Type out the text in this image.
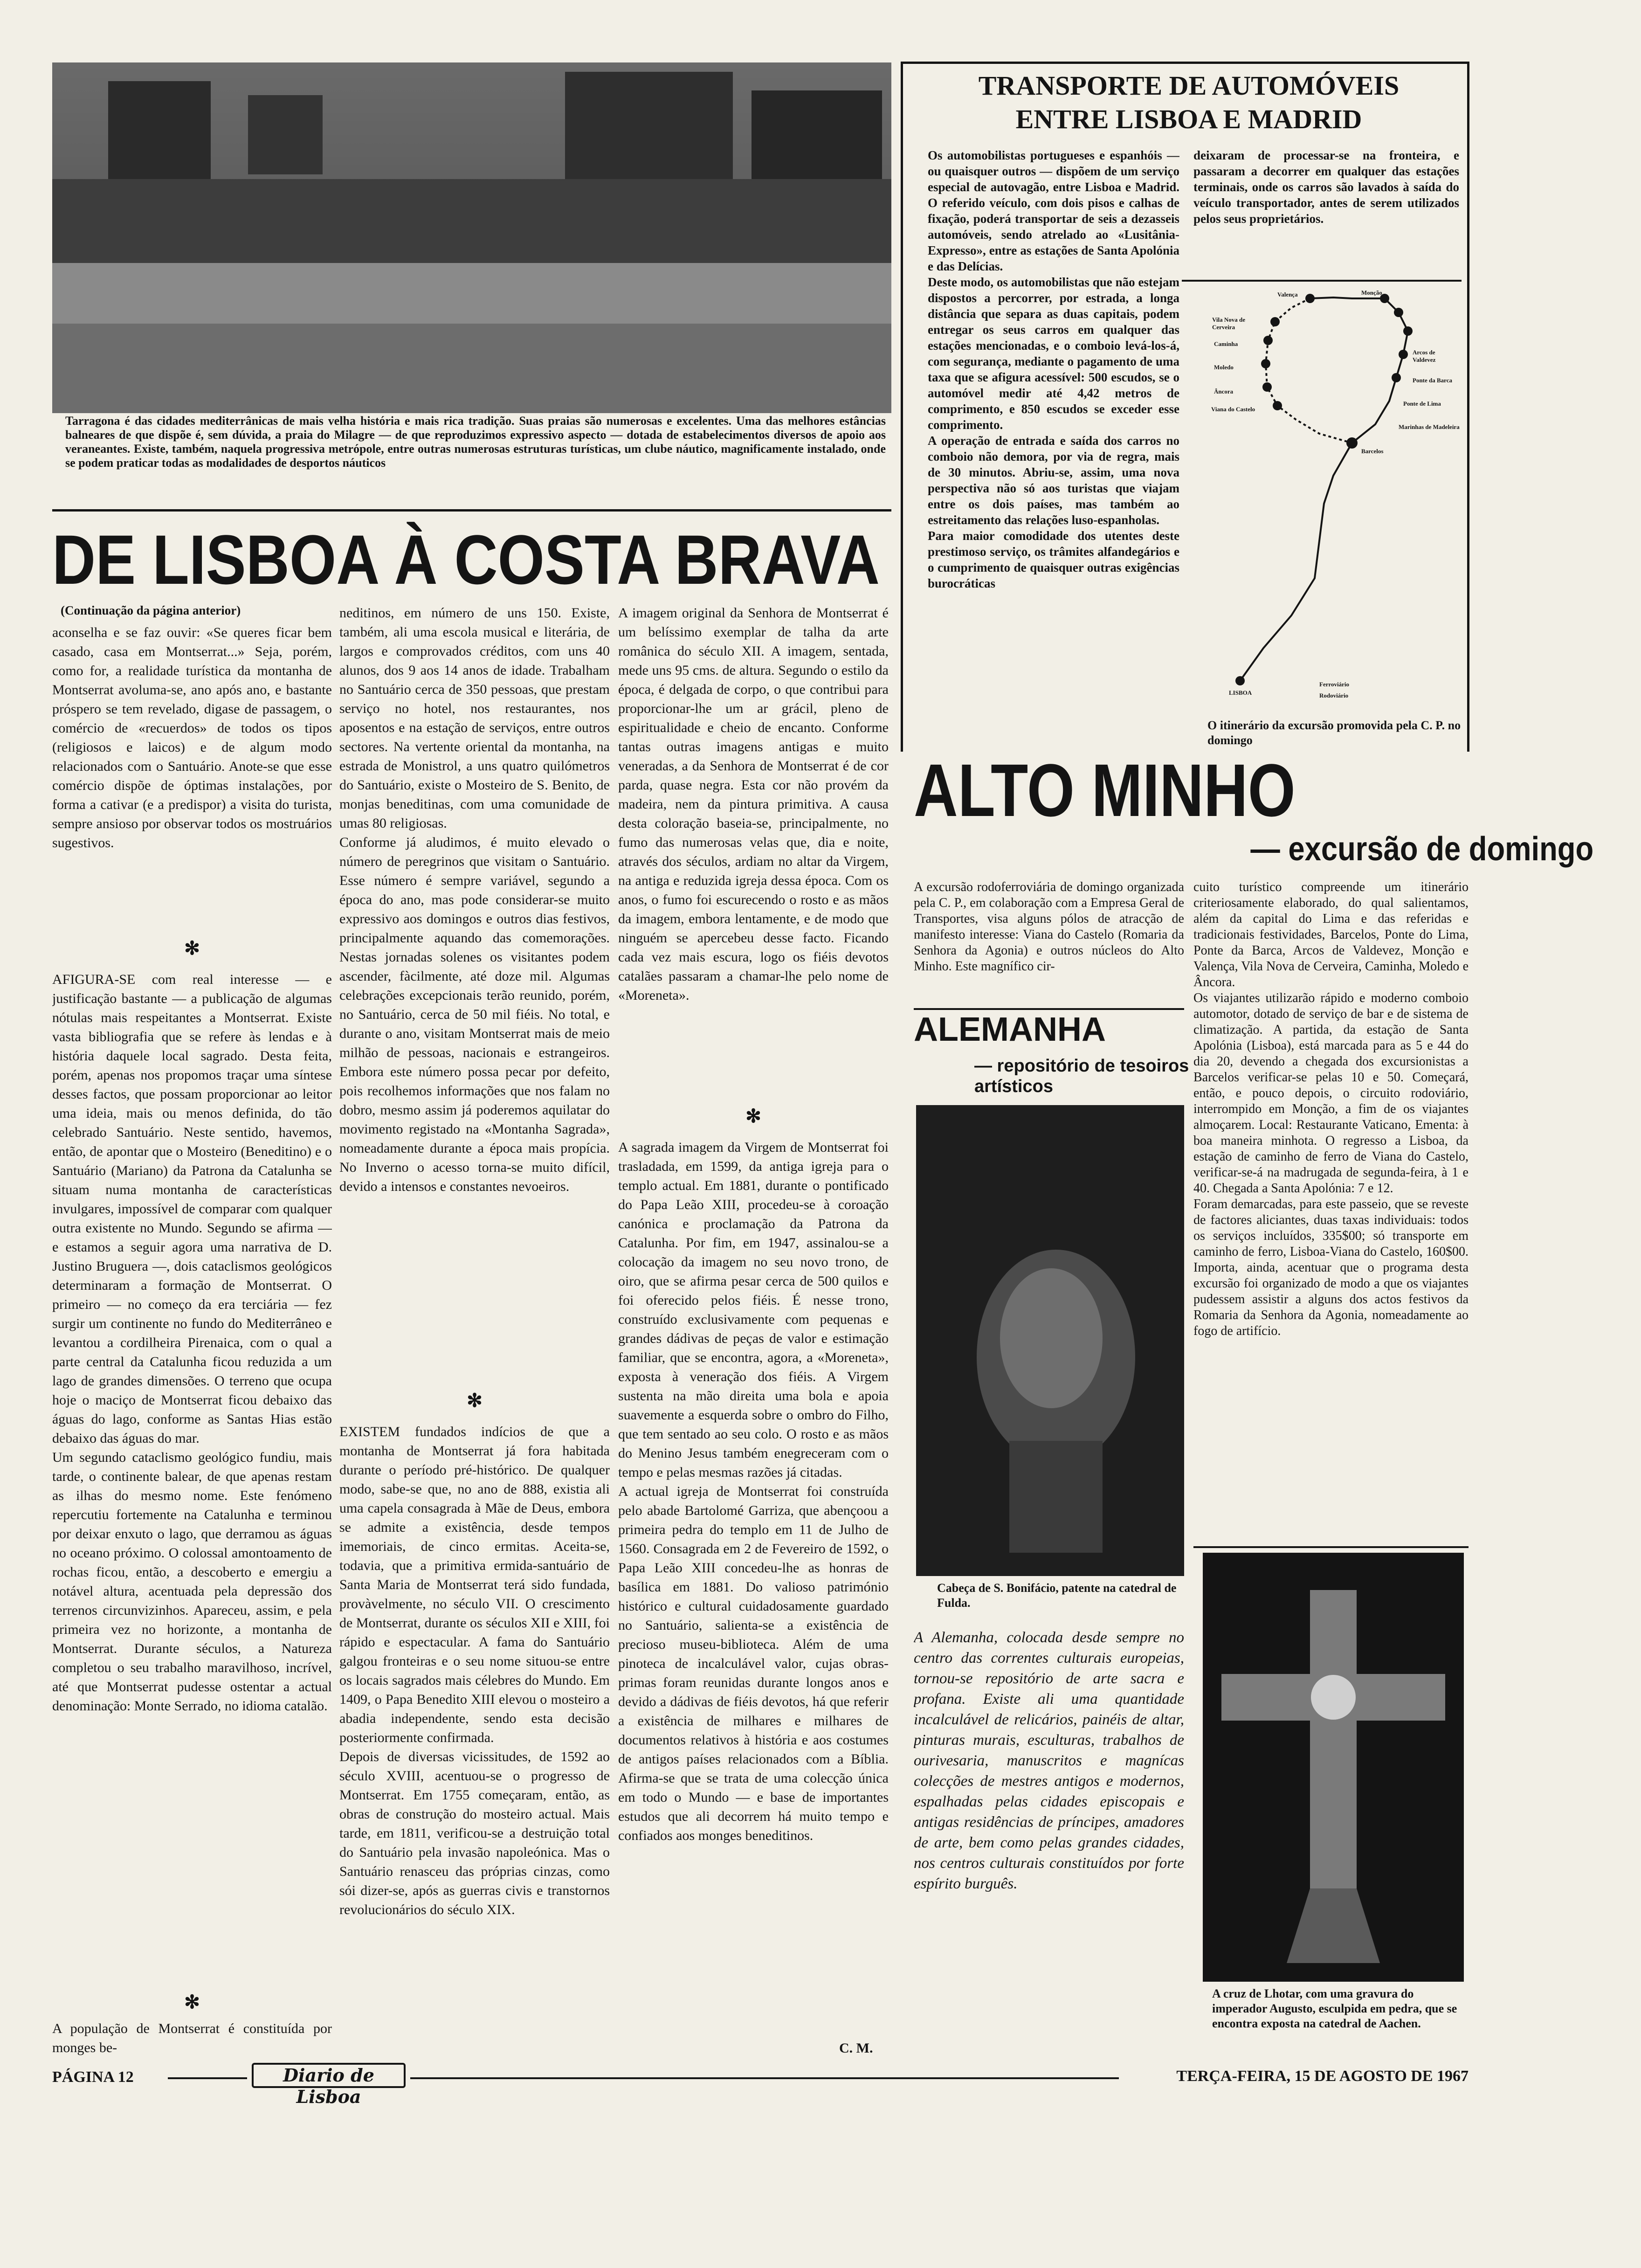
Tarragona é das cidades mediterrânicas de mais velha história e mais rica tradição. Suas praias são numerosas e excelentes. Uma das melhores estâncias balneares de que dispõe é, sem dúvida, a praia do Milagre — de que reproduzimos expressivo aspecto — dotada de estabelecimentos diversos de apoio aos veraneantes. Existe, também, naquela progressiva metrópole, entre outras numerosas estruturas turísticas, um clube náutico, magnificamente instalado, onde se podem praticar todas as modalidades de desportos náuticos
TRANSPORTE DE AUTOMÓVEIS
ENTRE LISBOA E MADRID
Os automobilistas portugueses e espanhóis — ou quaisquer outros — dispõem de um serviço especial de autovagão, entre Lisboa e Madrid. O referido veículo, com dois pisos e calhas de fixação, poderá transportar de seis a dezasseis automóveis, sendo atrelado ao «Lusitânia-Expresso», entre as estações de Santa Apolónia e das Delícias.
Deste modo, os automobilistas que não estejam dispostos a percorrer, por estrada, a longa distância que separa as duas capitais, podem entregar os seus carros em qualquer das estações mencionadas, e o comboio levá-los-á, com segurança, mediante o pagamento de uma taxa que se afigura acessível: 500 escudos, se o automóvel medir até 4,42 metros de comprimento, e 850 escudos se exceder esse comprimento.
A operação de entrada e saída dos carros no comboio não demora, por via de regra, mais de 30 minutos. Abriu-se, assim, uma nova perspectiva não só aos turistas que viajam entre os dois países, mas também ao estreitamento das relações luso-espanholas.
Para maior comodidade dos utentes deste prestimoso serviço, os trâmites alfandegários e o cumprimento de quaisquer outras exigências burocráticas
deixaram de processar-se na fronteira, e passaram a decorrer em qualquer das estações terminais, onde os carros são lavados à saída do veículo transportador, antes de serem utilizados pelos seus proprietários.
Valença	Monção
Vila Nova de Cerveira
Caminha
Arcos de Valdevez
Moledo
Ponte da Barca
Âncora
Ponte de Lima
Viana do Castelo
Marinhas de Madeleira
Barcelos
LISBOA
Ferroviário
Rodoviário
O itinerário da excursão promovida pela C. P. no domingo
DE LISBOA À COSTA BRAVA
(Continuação da página anterior)
aconselha e se faz ouvir: «Se queres ficar bem casado, casa em Montserrat...» Seja, porém, como for, a realidade turística da montanha de Montserrat avoluma-se, ano após ano, e bastante próspero se tem revelado, digase de passagem, o comércio de «recuerdos» de todos os tipos (religiosos e laicos) e de algum modo relacionados com o Santuário. Anote-se que esse comércio dispõe de óptimas instalações, por forma a cativar (e a predispor) a visita do turista, sempre ansioso por observar todos os mostruários sugestivos.
✻
AFIGURA-SE com real interesse — e justificação bastante — a publicação de algumas nótulas mais respeitantes a Montserrat. Existe vasta bibliografia que se refere às lendas e à história daquele local sagrado. Desta feita, porém, apenas nos propomos traçar uma síntese desses factos, que possam proporcionar ao leitor uma ideia, mais ou menos definida, do tão celebrado Santuário. Neste sentido, havemos, então, de apontar que o Mosteiro (Beneditino) e o Santuário (Mariano) da Patrona da Catalunha se situam numa montanha de características invulgares, impossível de comparar com qualquer outra existente no Mundo. Segundo se afirma — e estamos a seguir agora uma narrativa de D. Justino Bruguera —, dois cataclismos geológicos determinaram a formação de Montserrat. O primeiro — no começo da era terciária — fez surgir um continente no fundo do Mediterrâneo e levantou a cordilheira Pirenaica, com o qual a parte central da Catalunha ficou reduzida a um lago de grandes dimensões. O terreno que ocupa hoje o maciço de Montserrat ficou debaixo das águas do lago, conforme as Santas Hias estão debaixo das águas do mar.
Um segundo cataclismo geológico fundiu, mais tarde, o continente balear, de que apenas restam as ilhas do mesmo nome. Este fenómeno repercutiu fortemente na Catalunha e terminou por deixar enxuto o lago, que derramou as águas no oceano próximo. O colossal amontoamento de rochas ficou, então, a descoberto e emergiu a notável altura, acentuada pela depressão dos terrenos circunvizinhos. Apareceu, assim, e pela primeira vez no horizonte, a montanha de Montserrat. Durante séculos, a Natureza completou o seu trabalho maravilhoso, incrível, até que Montserrat pudesse ostentar a actual denominação: Monte Serrado, no idioma catalão.
✻
A população de Montserrat é constituída por monges be-
neditinos, em número de uns 150. Existe, também, ali uma escola musical e literária, de largos e comprovados créditos, com uns 40 alunos, dos 9 aos 14 anos de idade. Trabalham no Santuário cerca de 350 pessoas, que prestam serviço no hotel, nos restaurantes, nos aposentos e na estação de serviços, entre outros sectores. Na vertente oriental da montanha, na estrada de Monistrol, a uns quatro quilómetros do Santuário, existe o Mosteiro de S. Benito, de monjas beneditinas, com uma comunidade de umas 80 religiosas.
Conforme já aludimos, é muito elevado o número de peregrinos que visitam o Santuário. Esse número é sempre variável, segundo a época do ano, mas pode considerar-se muito expressivo aos domingos e outros dias festivos, principalmente aquando das comemorações. Nestas jornadas solenes os visitantes podem ascender, fàcilmente, até doze mil. Algumas celebrações excepcionais terão reunido, porém, no Santuário, cerca de 50 mil fiéis. No total, e durante o ano, visitam Montserrat mais de meio milhão de pessoas, nacionais e estrangeiros. Embora este número possa pecar por defeito, pois recolhemos informações que nos falam no dobro, mesmo assim já poderemos aquilatar do movimento registado na «Montanha Sagrada», nomeadamente durante a época mais propícia. No Inverno o acesso torna-se muito difícil, devido a intensos e constantes nevoeiros.
✻
EXISTEM fundados indícios de que a montanha de Montserrat já fora habitada durante o período pré-histórico. De qualquer modo, sabe-se que, no ano de 888, existia ali uma capela consagrada à Mãe de Deus, embora se admite a existência, desde tempos imemoriais, de cinco ermitas. Aceita-se, todavia, que a primitiva ermida-santuário de Santa Maria de Montserrat terá sido fundada, provàvelmente, no século VII. O crescimento de Montserrat, durante os séculos XII e XIII, foi rápido e espectacular. A fama do Santuário galgou fronteiras e o seu nome situou-se entre os locais sagrados mais célebres do Mundo. Em 1409, o Papa Benedito XIII elevou o mosteiro a abadia independente, sendo esta decisão posteriormente confirmada.
Depois de diversas vicissitudes, de 1592 ao século XVIII, acentuou-se o progresso de Montserrat. Em 1755 começaram, então, as obras de construção do mosteiro actual. Mais tarde, em 1811, verificou-se a destruição total do Santuário pela invasão napoleónica. Mas o Santuário renasceu das próprias cinzas, como sói dizer-se, após as guerras civis e transtornos revolucionários do século XIX.
A imagem original da Senhora de Montserrat é um belíssimo exemplar de talha da arte românica do século XII. A imagem, sentada, mede uns 95 cms. de altura. Segundo o estilo da época, é delgada de corpo, o que contribui para proporcionar-lhe um ar grácil, pleno de espiritualidade e cheio de encanto. Conforme tantas outras imagens antigas e muito veneradas, a da Senhora de Montserrat é de cor parda, quase negra. Esta cor não provém da madeira, nem da pintura primitiva. A causa desta coloração baseia-se, principalmente, no fumo das numerosas velas que, dia e noite, através dos séculos, ardiam no altar da Virgem, na antiga e reduzida igreja dessa época. Com os anos, o fumo foi escurecendo o rosto e as mãos da imagem, embora lentamente, e de modo que ninguém se apercebeu desse facto. Ficando cada vez mais escura, logo os fiéis devotos catalães passaram a chamar-lhe pelo nome de «Moreneta».
✻
A sagrada imagem da Virgem de Montserrat foi trasladada, em 1599, da antiga igreja para o templo actual. Em 1881, durante o pontificado do Papa Leão XIII, procedeu-se à coroação canónica e proclamação da Patrona da Catalunha. Por fim, em 1947, assinalou-se a colocação da imagem no seu novo trono, de oiro, que se afirma pesar cerca de 500 quilos e foi oferecido pelos fiéis. É nesse trono, construído exclusivamente com pequenas e grandes dádivas de peças de valor e estimação familiar, que se encontra, agora, a «Moreneta», exposta à veneração dos fiéis. A Virgem sustenta na mão direita uma bola e apoia suavemente a esquerda sobre o ombro do Filho, que tem sentado ao seu colo. O rosto e as mãos do Menino Jesus também enegreceram com o tempo e pelas mesmas razões já citadas.
A actual igreja de Montserrat foi construída pelo abade Bartolomé Garriza, que abençoou a primeira pedra do templo em 11 de Julho de 1560. Consagrada em 2 de Fevereiro de 1592, o Papa Leão XIII concedeu-lhe as honras de basílica em 1881. Do valioso património histórico e cultural cuidadosamente guardado no Santuário, salienta-se a existência de precioso museu-biblioteca. Além de uma pinoteca de incalculável valor, cujas obras-primas foram reunidas durante longos anos e devido a dádivas de fiéis devotos, há que referir a existência de milhares e milhares de documentos relativos à história e aos costumes de antigos países relacionados com a Bíblia. Afirma-se que se trata de uma colecção única em todo o Mundo — e base de importantes estudos que ali decorrem há muito tempo e confiados aos monges beneditinos.
C. M.
ALTO MINHO
— excursão de domingo
A excursão rodoferroviária de domingo organizada pela C. P., em colaboração com a Empresa Geral de Transportes, visa alguns pólos de atracção de manifesto interesse: Viana do Castelo (Romaria da Senhora da Agonia) e outros núcleos do Alto Minho. Este magnífico cir-
cuito turístico compreende um itinerário criteriosamente elaborado, do qual salientamos, além da capital do Lima e das referidas e tradicionais festividades, Barcelos, Ponte do Lima, Ponte da Barca, Arcos de Valdevez, Monção e Valença, Vila Nova de Cerveira, Caminha, Moledo e Âncora.
Os viajantes utilizarão rápido e moderno comboio automotor, dotado de serviço de bar e de sistema de climatização. A partida, da estação de Santa Apolónia (Lisboa), está marcada para as 5 e 44 do dia 20, devendo a chegada dos excursionistas a Barcelos verificar-se pelas 10 e 50. Começará, então, e pouco depois, o circuito rodoviário, interrompido em Monção, a fim de os viajantes almoçarem. Local: Restaurante Vaticano, Ementa: à boa maneira minhota. O regresso a Lisboa, da estação de caminho de ferro de Viana do Castelo, verificar-se-á na madrugada de segunda-feira, à 1 e 40. Chegada a Santa Apolónia: 7 e 12.
Foram demarcadas, para este passeio, que se reveste de factores aliciantes, duas taxas individuais: todos os serviços incluídos, 335$00; só transporte em caminho de ferro, Lisboa-Viana do Castelo, 160$00. Importa, ainda, acentuar que o programa desta excursão foi organizado de modo a que os viajantes pudessem assistir a alguns dos actos festivos da Romaria da Senhora da Agonia, nomeadamente ao fogo de artifício.
ALEMANHA
— repositório de tesoiros artísticos
Cabeça de S. Bonifácio, patente na catedral de Fulda.
A Alemanha, colocada desde sempre no centro das correntes culturais europeias, tornou-se repositório de arte sacra e profana. Existe ali uma quantidade incalculável de relicários, painéis de altar, pinturas murais, esculturas, trabalhos de ourivesaria, manuscritos e magnícas colecções de mestres antigos e modernos, espalhadas pelas cidades episcopais e antigas residências de príncipes, amadores de arte, bem como pelas grandes cidades, nos centros culturais constituídos por forte espírito burguês.
A cruz de Lhotar, com uma gravura do imperador Augusto, esculpida em pedra, que se encontra exposta na catedral de Aachen.
PÁGINA 12	Diario de Lisboa
TERÇA-FEIRA, 15 DE AGOSTO DE 1967
